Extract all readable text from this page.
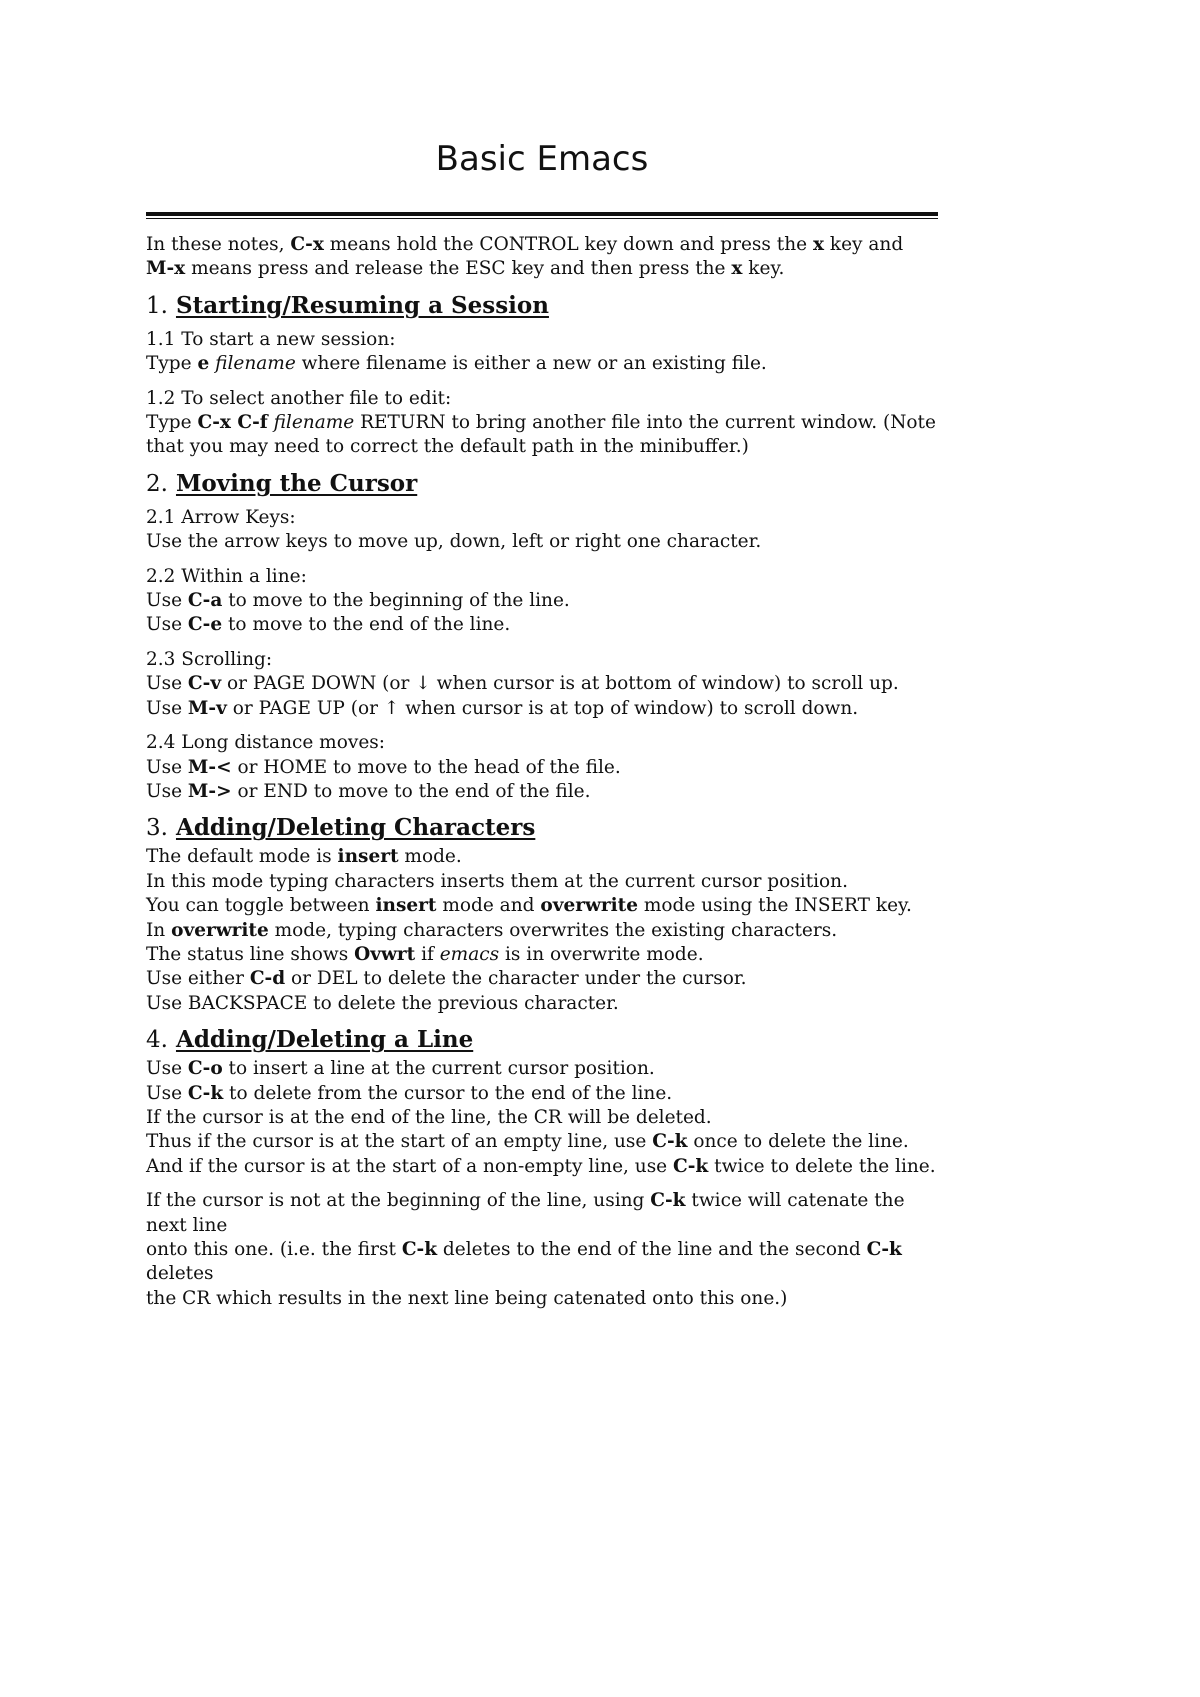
Basic Emacs

In these notes, C-x means hold the CONTROL key down and press the x key and

M-x means press and release the ESC key and then press the x key.

1. Starting/Resuming a Session

1.1 To start a new session:

Type e filename where filename is either a new or an existing file.

1.2 To select another file to edit:

Type C-x C-f filename RETURN to bring another file into the current window. (Note

that you may need to correct the default path in the minibuffer.)

2. Moving the Cursor

2.1 Arrow Keys:

Use the arrow keys to move up, down, left or right one character.

2.2 Within a line:

Use C-a to move to the beginning of the line.

Use C-e to move to the end of the line.

2.3 Scrolling:

Use C-v or PAGE DOWN (or ↓ when cursor is at bottom of window) to scroll up.

Use M-v or PAGE UP (or ↑ when cursor is at top of window) to scroll down.

2.4 Long distance moves:

Use M-< or HOME to move to the head of the file.

Use M-> or END to move to the end of the file.

3. Adding/Deleting Characters

The default mode is insert mode.

In this mode typing characters inserts them at the current cursor position.

You can toggle between insert mode and overwrite mode using the INSERT key.

In overwrite mode, typing characters overwrites the existing characters.

The status line shows Ovwrt if emacs is in overwrite mode.

Use either C-d or DEL to delete the character under the cursor.

Use BACKSPACE to delete the previous character.

4. Adding/Deleting a Line

Use C-o to insert a line at the current cursor position.

Use C-k to delete from the cursor to the end of the line.

If the cursor is at the end of the line, the CR will be deleted.

Thus if the cursor is at the start of an empty line, use C-k once to delete the line.

And if the cursor is at the start of a non-empty line, use C-k twice to delete the line.

If the cursor is not at the beginning of the line, using C-k twice will catenate the next line

onto this one. (i.e. the first C-k deletes to the end of the line and the second C-k deletes

the CR which results in the next line being catenated onto this one.)
